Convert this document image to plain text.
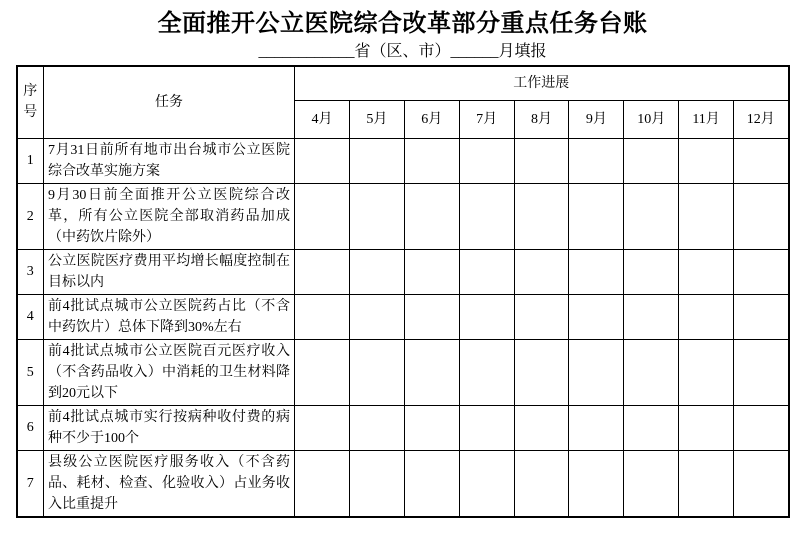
全面推开公立医院综合改革部分重点任务台账
____________省（区、市）______月填报
序号	任务	工作进展								
		4月	5月	6月	7月	8月	9月	10月	11月	12月
1	7月31日前所有地市出台城市公立医院综合改革实施方案									
2	9月30日前全面推开公立医院综合改革，所有公立医院全部取消药品加成（中药饮片除外）									
3	公立医院医疗费用平均增长幅度控制在目标以内									
4	前4批试点城市公立医院药占比（不含中药饮片）总体下降到30%左右									
5	前4批试点城市公立医院百元医疗收入（不含药品收入）中消耗的卫生材料降到20元以下									
6	前4批试点城市实行按病种收付费的病种不少于100个									
7	县级公立医院医疗服务收入（不含药品、耗材、检查、化验收入）占业务收入比重提升									
